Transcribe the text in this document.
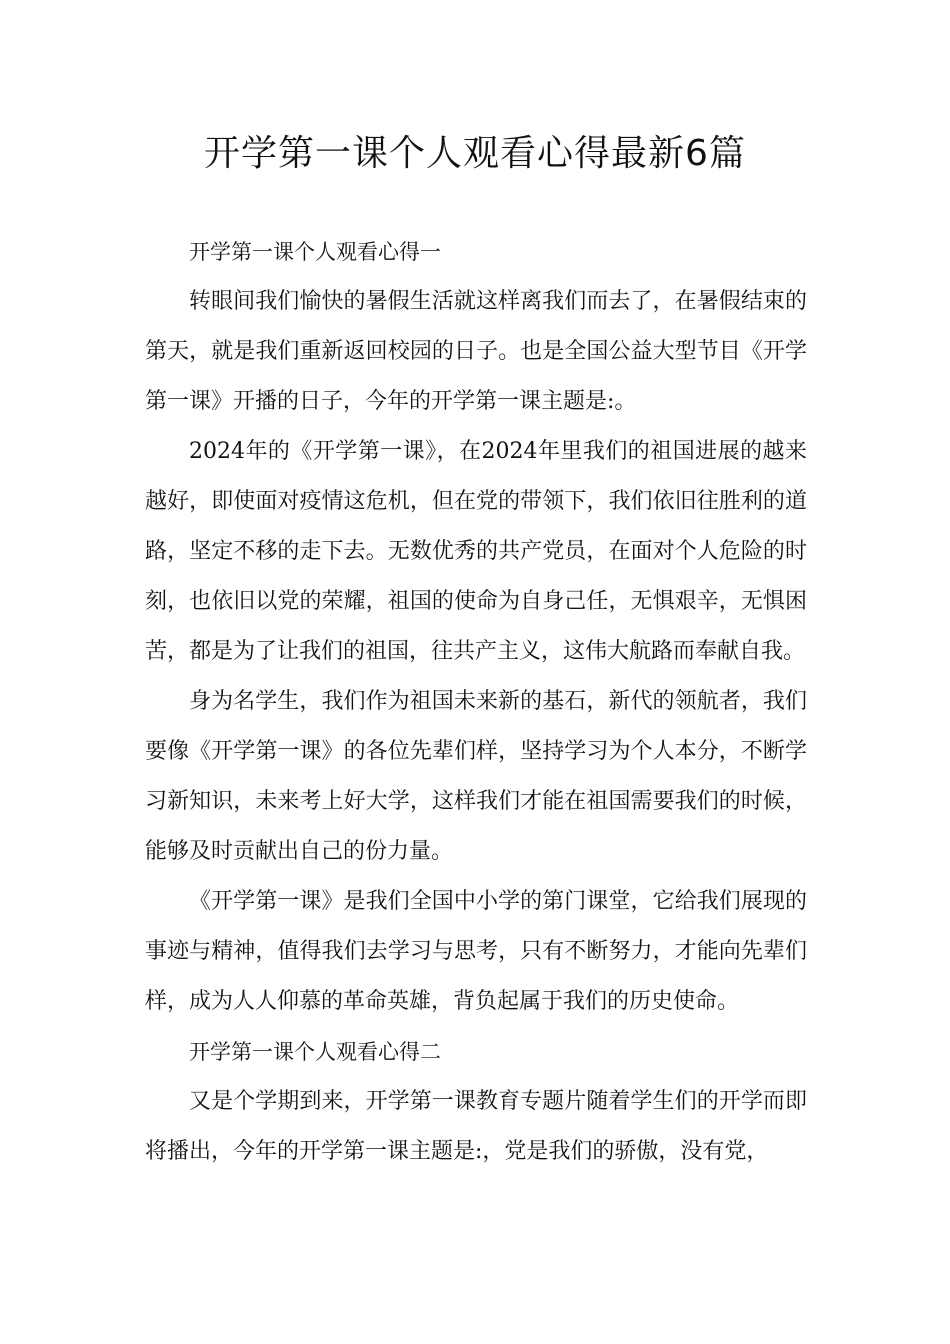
开学第一课个人观看心得最新6篇

开学第一课个人观看心得一

转眼间我们愉快的暑假生活就这样离我们而去了，在暑假结束的第天，就是我们重新返回校园的日子。也是全国公益大型节目《开学第一课》开播的日子，今年的开学第一课主题是:。

2024年的《开学第一课》，在2024年里我们的祖国进展的越来越好，即使面对疫情这危机，但在党的带领下，我们依旧往胜利的道路，坚定不移的走下去。无数优秀的共产党员，在面对个人危险的时刻，也依旧以党的荣耀，祖国的使命为自身己任，无惧艰辛，无惧困苦，都是为了让我们的祖国，往共产主义，这伟大航路而奉献自我。

身为名学生，我们作为祖国未来新的基石，新代的领航者，我们要像《开学第一课》的各位先辈们样，坚持学习为个人本分，不断学习新知识，未来考上好大学，这样我们才能在祖国需要我们的时候，能够及时贡献出自己的份力量。

《开学第一课》是我们全国中小学的第门课堂，它给我们展现的事迹与精神，值得我们去学习与思考，只有不断努力，才能向先辈们样，成为人人仰慕的革命英雄，背负起属于我们的历史使命。

开学第一课个人观看心得二

又是个学期到来，开学第一课教育专题片随着学生们的开学而即将播出，今年的开学第一课主题是:，党是我们的骄傲，没有党，
